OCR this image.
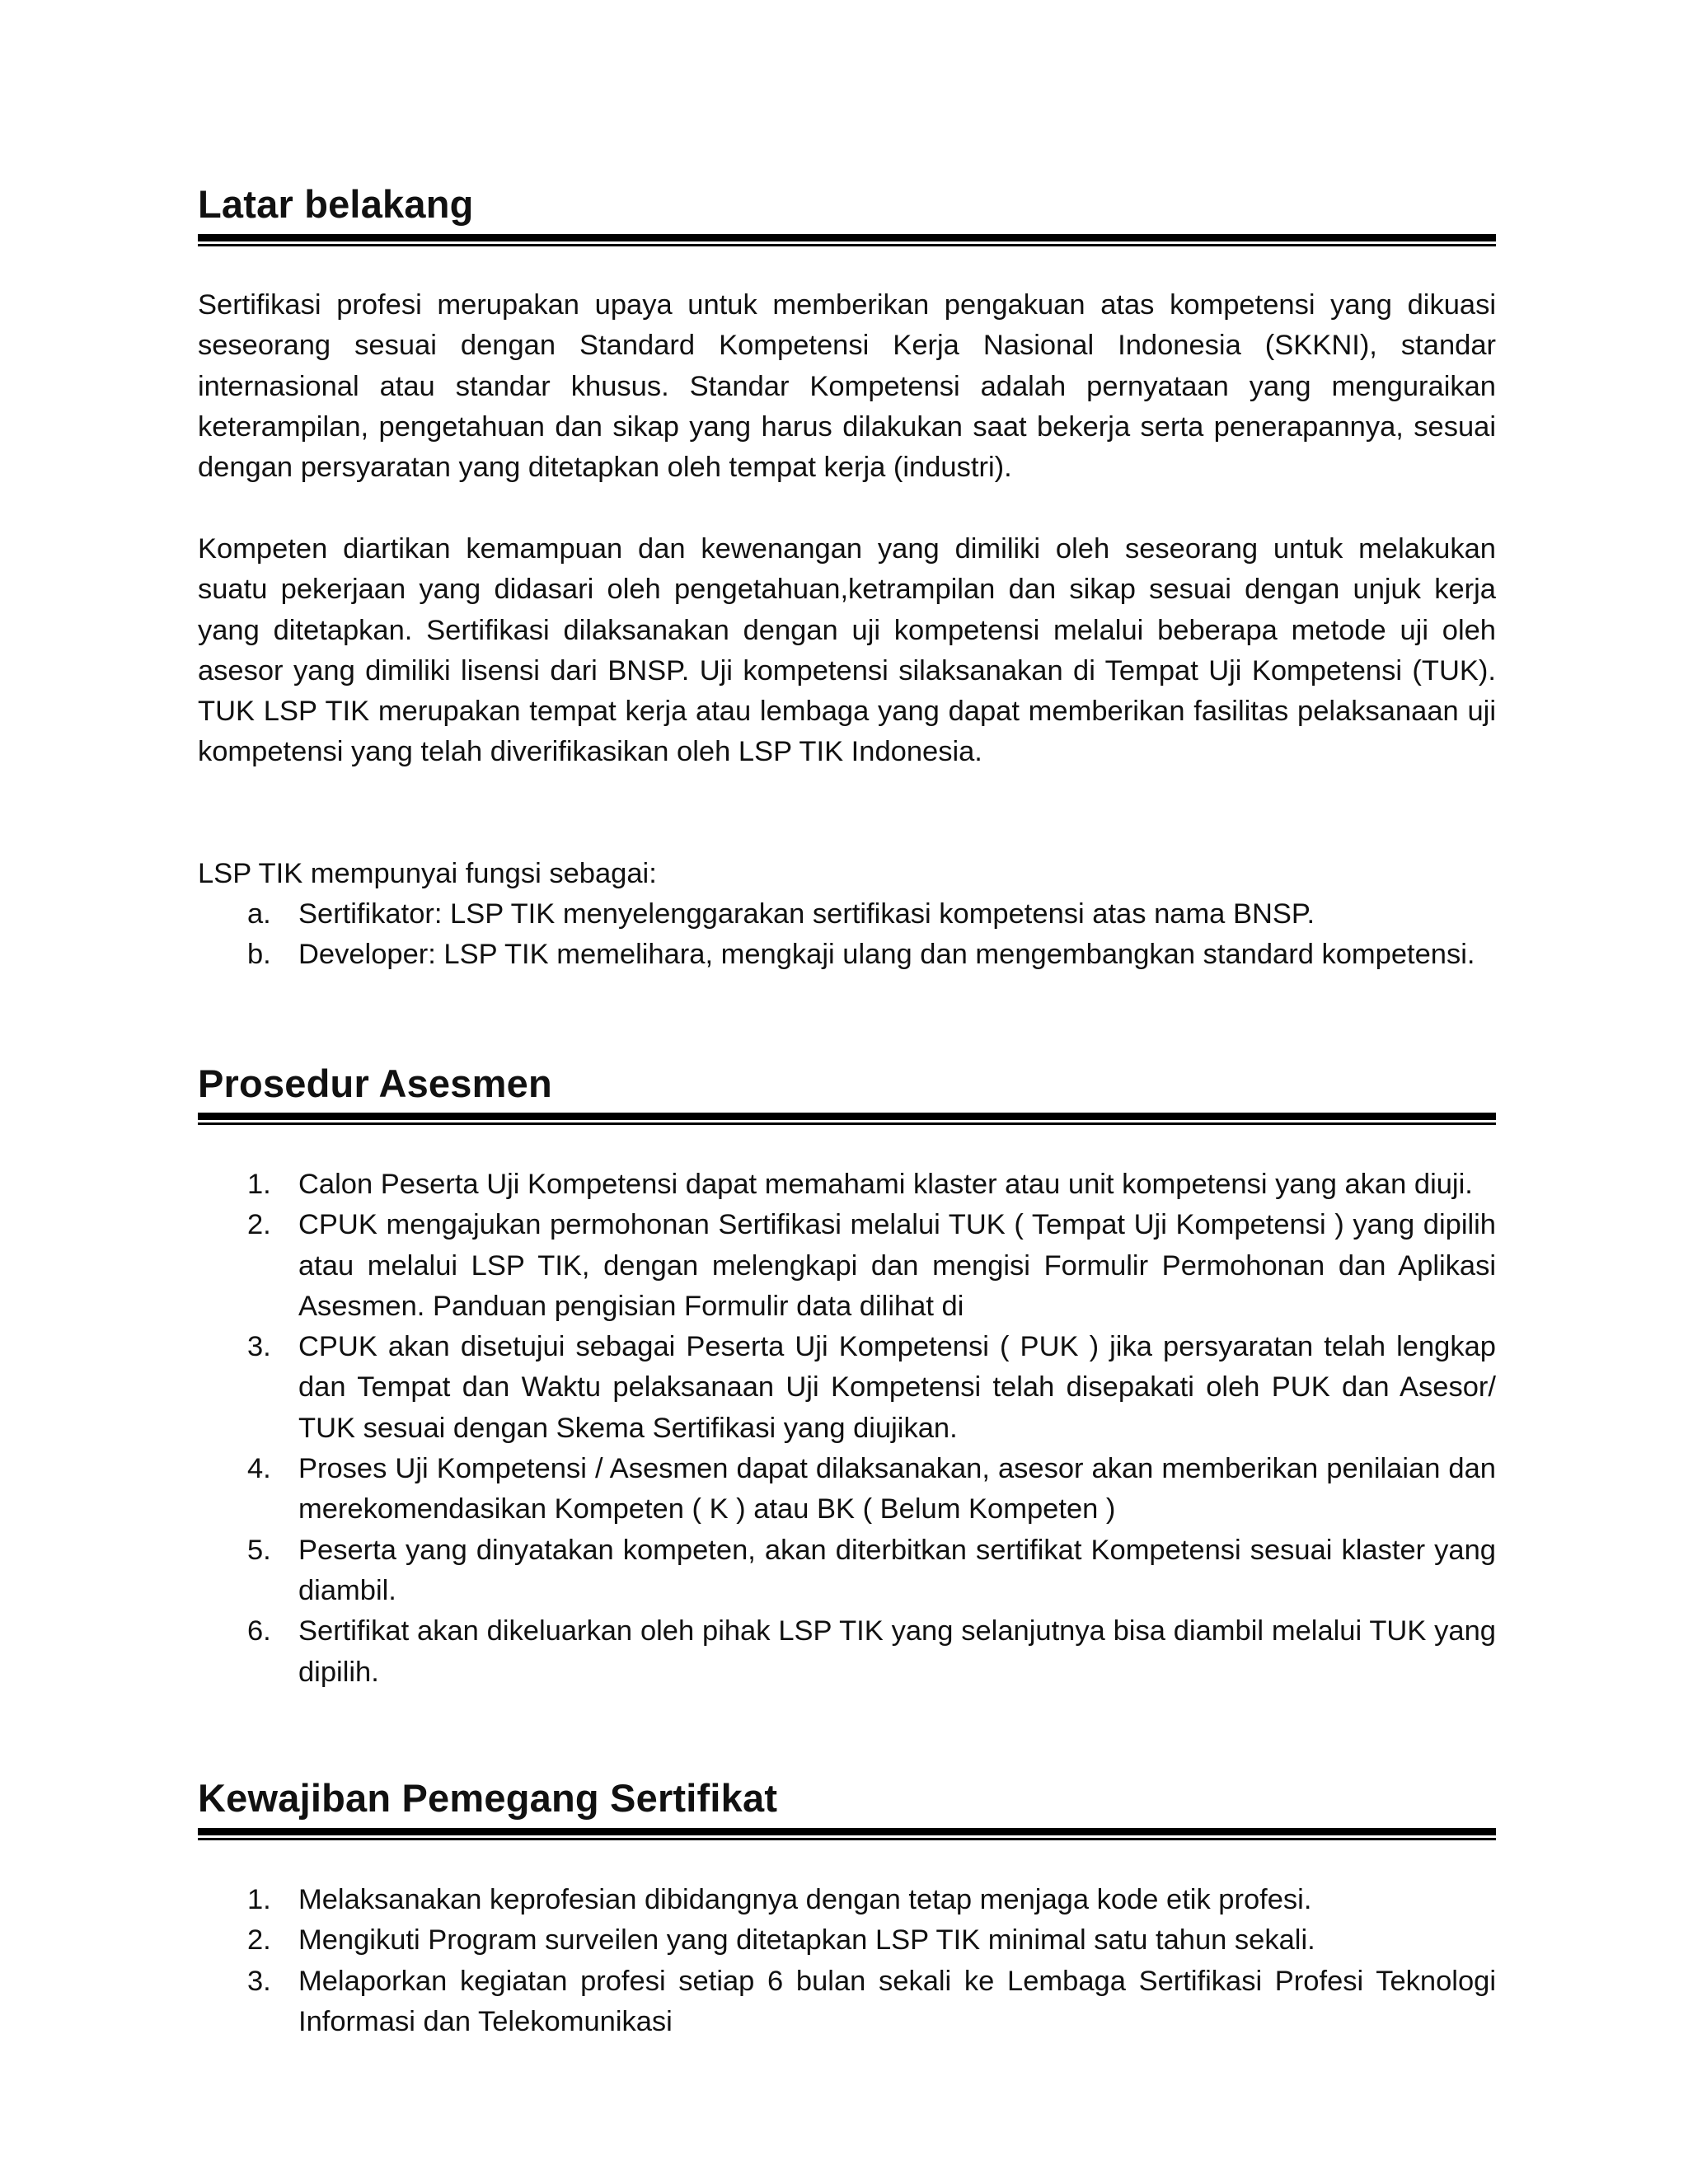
Latar belakang

Sertifikasi profesi merupakan upaya untuk memberikan pengakuan atas kompetensi yang dikuasi seseorang sesuai dengan Standard Kompetensi Kerja Nasional Indonesia (SKKNI), standar internasional atau standar khusus. Standar Kompetensi adalah pernyataan yang menguraikan keterampilan, pengetahuan dan sikap yang harus dilakukan saat bekerja serta penerapannya, sesuai dengan persyaratan yang ditetapkan oleh tempat kerja (industri).

Kompeten diartikan kemampuan dan kewenangan yang dimiliki oleh seseorang untuk melakukan suatu pekerjaan yang didasari oleh pengetahuan,ketrampilan dan sikap sesuai dengan unjuk kerja yang ditetapkan. Sertifikasi dilaksanakan dengan uji kompetensi melalui beberapa metode uji oleh asesor yang dimiliki lisensi dari BNSP. Uji kompetensi silaksanakan di Tempat Uji Kompetensi (TUK). TUK LSP TIK merupakan tempat kerja atau lembaga yang dapat memberikan fasilitas pelaksanaan uji kompetensi yang telah diverifikasikan oleh LSP TIK Indonesia.

LSP TIK mempunyai fungsi sebagai:

a. Sertifikator: LSP TIK menyelenggarakan sertifikasi kompetensi atas nama BNSP.
b. Developer: LSP TIK memelihara, mengkaji ulang dan mengembangkan standard kompetensi.
Prosedur Asesmen
1. Calon Peserta Uji Kompetensi dapat memahami klaster atau unit kompetensi yang akan diuji.
2. CPUK mengajukan permohonan Sertifikasi melalui TUK ( Tempat Uji Kompetensi ) yang dipilih atau melalui LSP TIK, dengan melengkapi dan mengisi Formulir Permohonan dan Aplikasi Asesmen. Panduan pengisian Formulir data dilihat di
3. CPUK akan disetujui sebagai Peserta Uji Kompetensi ( PUK ) jika persyaratan telah lengkap dan Tempat dan Waktu pelaksanaan Uji Kompetensi telah disepakati oleh PUK dan Asesor/ TUK sesuai dengan Skema Sertifikasi yang diujikan.
4. Proses Uji Kompetensi / Asesmen dapat dilaksanakan, asesor akan memberikan penilaian dan merekomendasikan Kompeten ( K ) atau BK ( Belum Kompeten )
5. Peserta yang dinyatakan kompeten, akan diterbitkan sertifikat Kompetensi sesuai klaster yang diambil.
6. Sertifikat akan dikeluarkan oleh pihak LSP TIK yang selanjutnya bisa diambil melalui TUK yang dipilih.
Kewajiban Pemegang Sertifikat
1. Melaksanakan keprofesian dibidangnya dengan tetap menjaga kode etik profesi.
2. Mengikuti Program surveilen yang ditetapkan LSP TIK minimal satu tahun sekali.
3. Melaporkan kegiatan profesi setiap 6 bulan sekali ke Lembaga Sertifikasi Profesi Teknologi Informasi dan Telekomunikasi
